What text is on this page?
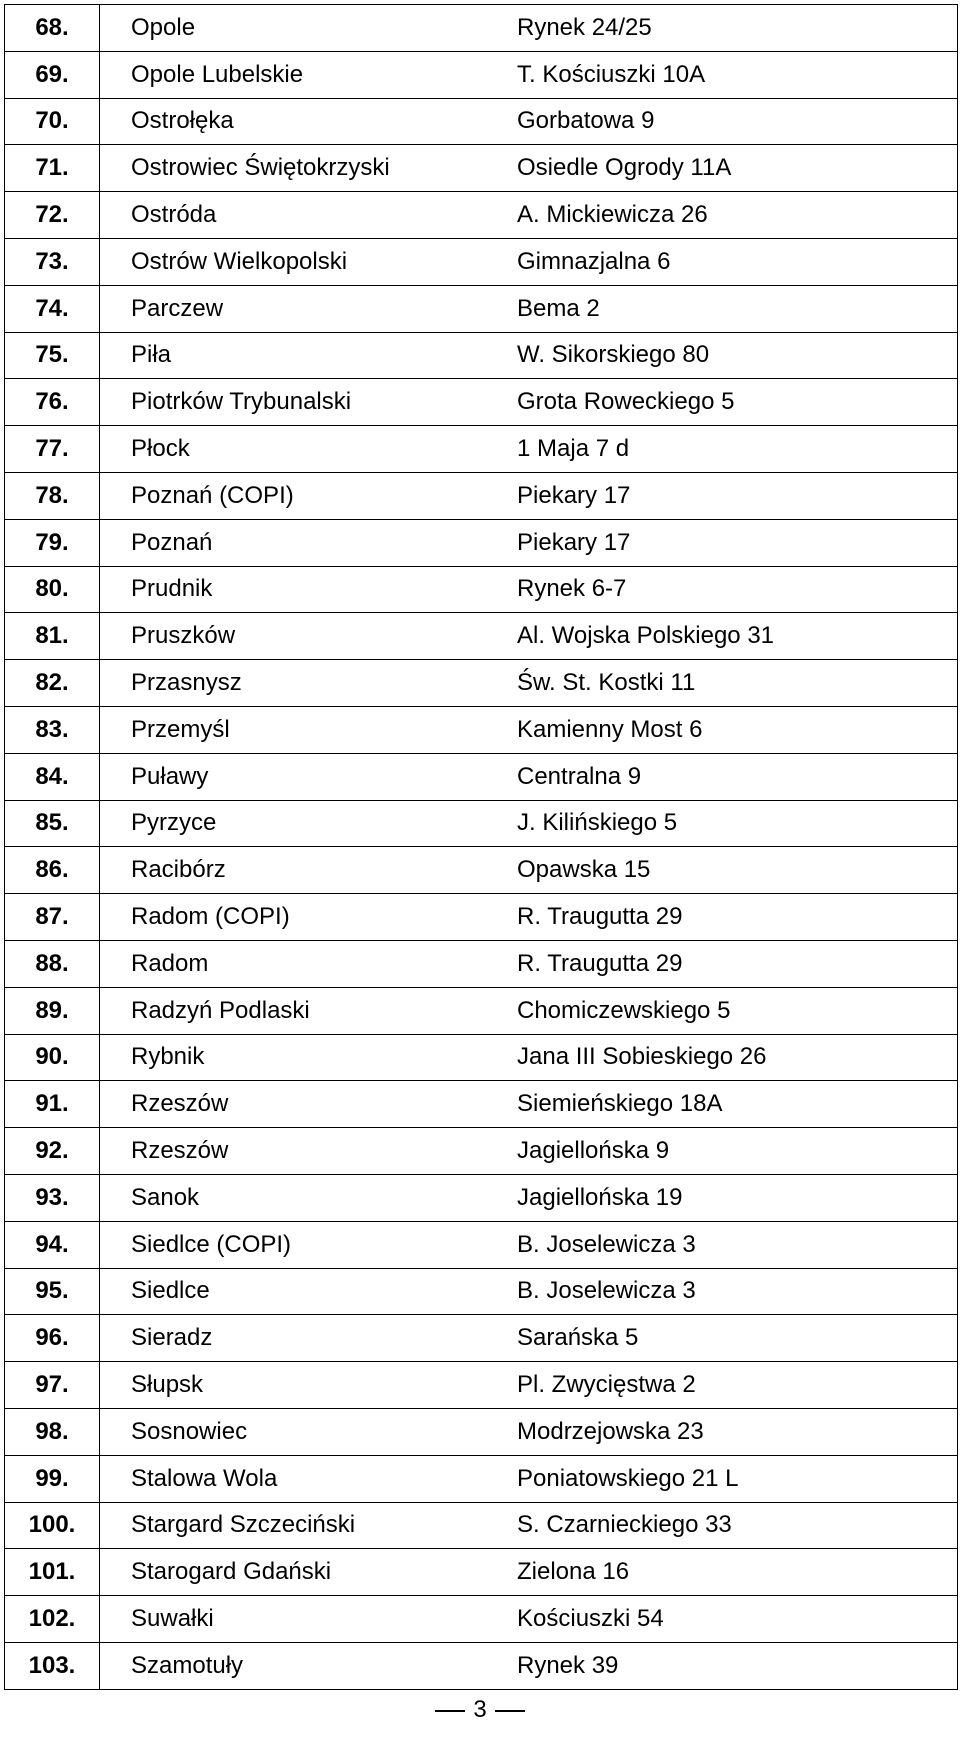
68.	Opole	Rynek 24/25
69.	Opole Lubelskie	T. Kościuszki 10A
70.	Ostrołęka	Gorbatowa 9
71.	Ostrowiec Świętokrzyski	Osiedle Ogrody 11A
72.	Ostróda	A. Mickiewicza 26
73.	Ostrów Wielkopolski	Gimnazjalna 6
74.	Parczew	Bema 2
75.	Piła	W. Sikorskiego 80
76.	Piotrków Trybunalski	Grota Roweckiego 5
77.	Płock	1 Maja 7 d
78.	Poznań (COPI)	Piekary 17
79.	Poznań	Piekary 17
80.	Prudnik	Rynek 6-7
81.	Pruszków	Al. Wojska Polskiego 31
82.	Przasnysz	Św. St. Kostki 11
83.	Przemyśl	Kamienny Most 6
84.	Puławy	Centralna 9
85.	Pyrzyce	J. Kilińskiego 5
86.	Racibórz	Opawska 15
87.	Radom (COPI)	R. Traugutta 29
88.	Radom	R. Traugutta 29
89.	Radzyń Podlaski	Chomiczewskiego 5
90.	Rybnik	Jana III Sobieskiego 26
91.	Rzeszów	Siemieńskiego 18A
92.	Rzeszów	Jagiellońska 9
93.	Sanok	Jagiellońska 19
94.	Siedlce (COPI)	B. Joselewicza 3
95.	Siedlce	B. Joselewicza 3
96.	Sieradz	Sarańska 5
97.	Słupsk	Pl. Zwycięstwa 2
98.	Sosnowiec	Modrzejowska 23
99.	Stalowa Wola	Poniatowskiego 21 L
100.	Stargard Szczeciński	S. Czarnieckiego 33
101.	Starogard Gdański	Zielona 16
102.	Suwałki	Kościuszki 54
103.	Szamotuły	Rynek 39
3
